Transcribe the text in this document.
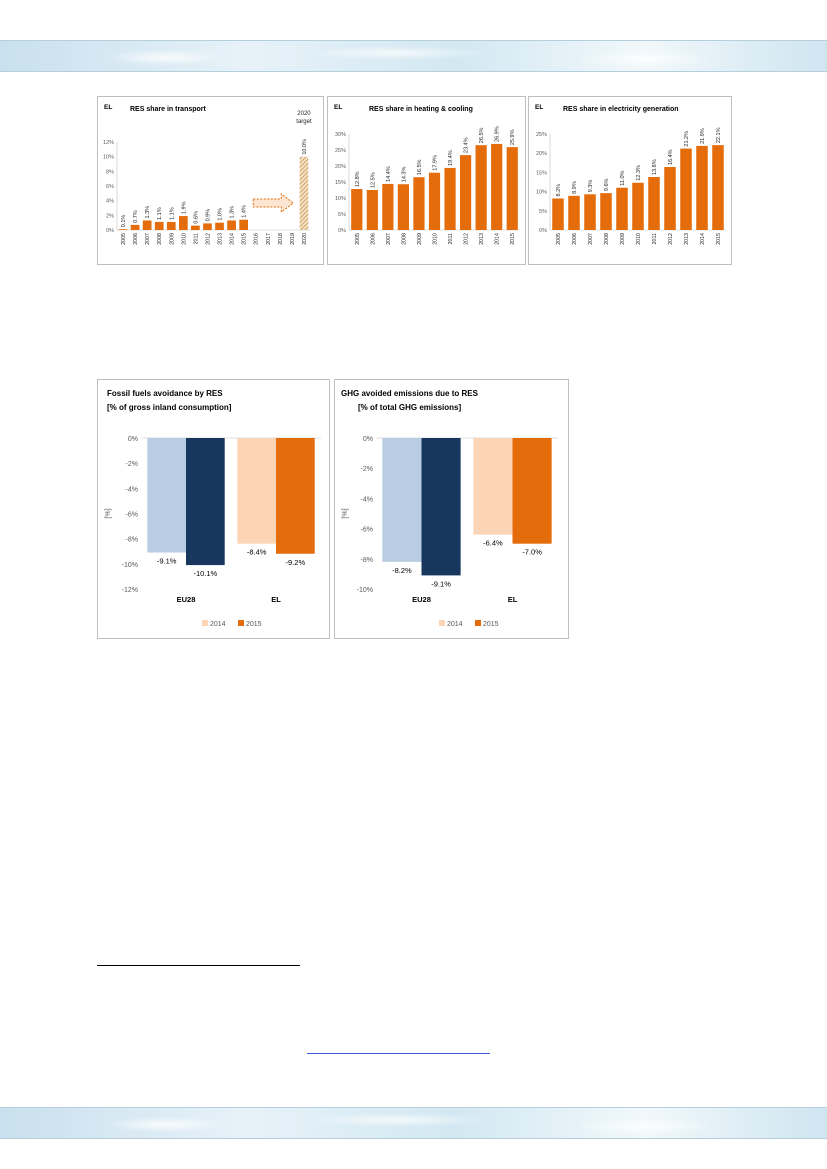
EL	RES share in transport
0%
2%
4%
6%
8%
10%
12%
0.1%
2005
0.7%
2006
1.3%
2007
1.1%
2008
1.1%
2009
1.9%
2010
0.6%
2011
0.9%
2012
1.0%
2013
1.3%
2014
1.4%
2015 2016 2017 2018 2019
10.0%
2020
2020
target
EL	RES share in heating & cooling
0%
5%
10%
15%
20%
25%
30%
12.8%
2005
12.5%
2006
14.4%
2007
14.3%
2008
16.5%
2009
17.9%
2010
19.4%
2011
23.4%
2012
26.5%
2013
26.9%
2014
25.9%
2015
EL	RES share in electricity generation
0%
5%
10%
15%
20%
25%
8.2%
2005
8.9%
2006
9.3%
2007
9.6%
2008
11.0%
2009
12.3%
2010
13.8%
2011
16.4%
2012
21.2%
2013
21.9%
2014
22.1%
2015
Fossil fuels avoidance by RES
[% of gross inland consumption]
0%
-2%
-4%
-6%
-8%
-10%
-12%
[%]
-9.1%
-10.1%
EU28
-8.4%
-9.2%
EL
2014	2015
GHG avoided emissions due to RES
[% of total GHG emissions]
0%
-2%
-4%
-6%
-8%
-10%
[%]
-8.2%
-9.1%
EU28
-6.4%
-7.0%
EL
2014	2015
